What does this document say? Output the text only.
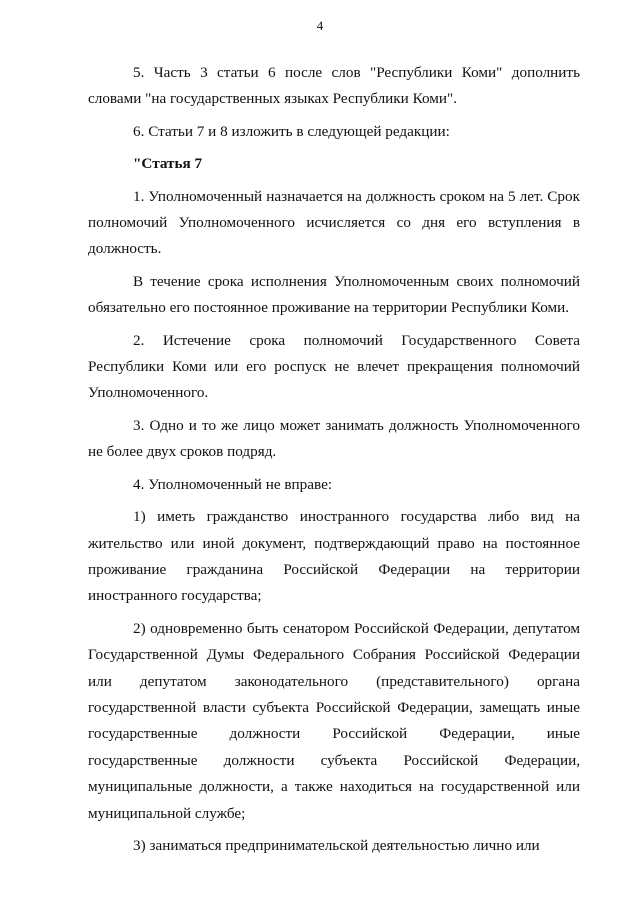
4

5. Часть 3 статьи 6 после слов "Республики Коми" дополнить словами "на государственных языках Республики Коми".

6. Статьи 7 и 8 изложить в следующей редакции:

"Статья 7

1. Уполномоченный назначается на должность сроком на 5 лет. Срок полномочий Уполномоченного исчисляется со дня его вступления в должность.

В течение срока исполнения Уполномоченным своих полномочий обязательно его постоянное проживание на территории Республики Коми.

2. Истечение срока полномочий Государственного Совета Республики Коми или его роспуск не влечет прекращения полномочий Уполномоченного.

3. Одно и то же лицо может занимать должность Уполномоченного не более двух сроков подряд.

4. Уполномоченный не вправе:

1) иметь гражданство иностранного государства либо вид на жительство или иной документ, подтверждающий право на постоянное проживание гражданина Российской Федерации на территории иностранного государства;

2) одновременно быть сенатором Российской Федерации, депутатом Государственной Думы Федерального Собрания Российской Федерации или депутатом законодательного (представительного) органа государственной власти субъекта Российской Федерации, замещать иные государственные должности Российской Федерации, иные государственные должности субъекта Российской Федерации, муниципальные должности, а также находиться на государственной или муниципальной службе;

3) заниматься предпринимательской деятельностью лично или
